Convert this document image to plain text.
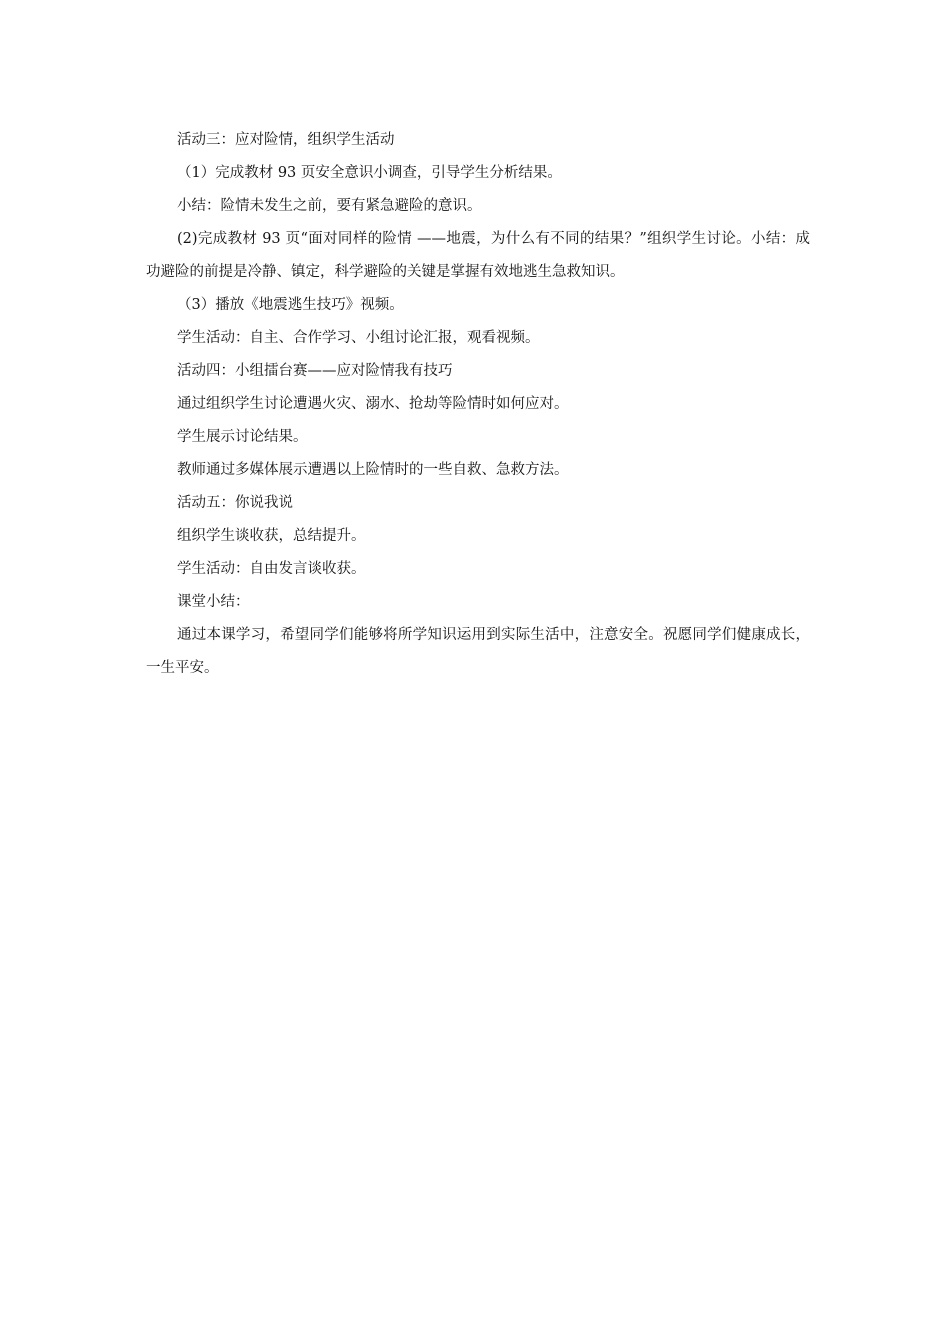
活动三：应对险情，组织学生活动

（1）完成教材 93 页安全意识小调查，引导学生分析结果。

小结：险情未发生之前，要有紧急避险的意识。

(2)完成教材 93 页“面对同样的险情 ——地震，为什么有不同的结果？”组织学生讨论。小结：成功避险的前提是冷静、镇定，科学避险的关键是掌握有效地逃生急救知识。

（3）播放《地震逃生技巧》视频。

学生活动：自主、合作学习、小组讨论汇报，观看视频。

活动四：小组擂台赛——应对险情我有技巧

通过组织学生讨论遭遇火灾、溺水、抢劫等险情时如何应对。

学生展示讨论结果。

教师通过多媒体展示遭遇以上险情时的一些自救、急救方法。

活动五：你说我说

组织学生谈收获，总结提升。

学生活动：自由发言谈收获。

课堂小结：

通过本课学习，希望同学们能够将所学知识运用到实际生活中，注意安全。祝愿同学们健康成长，一生平安。
